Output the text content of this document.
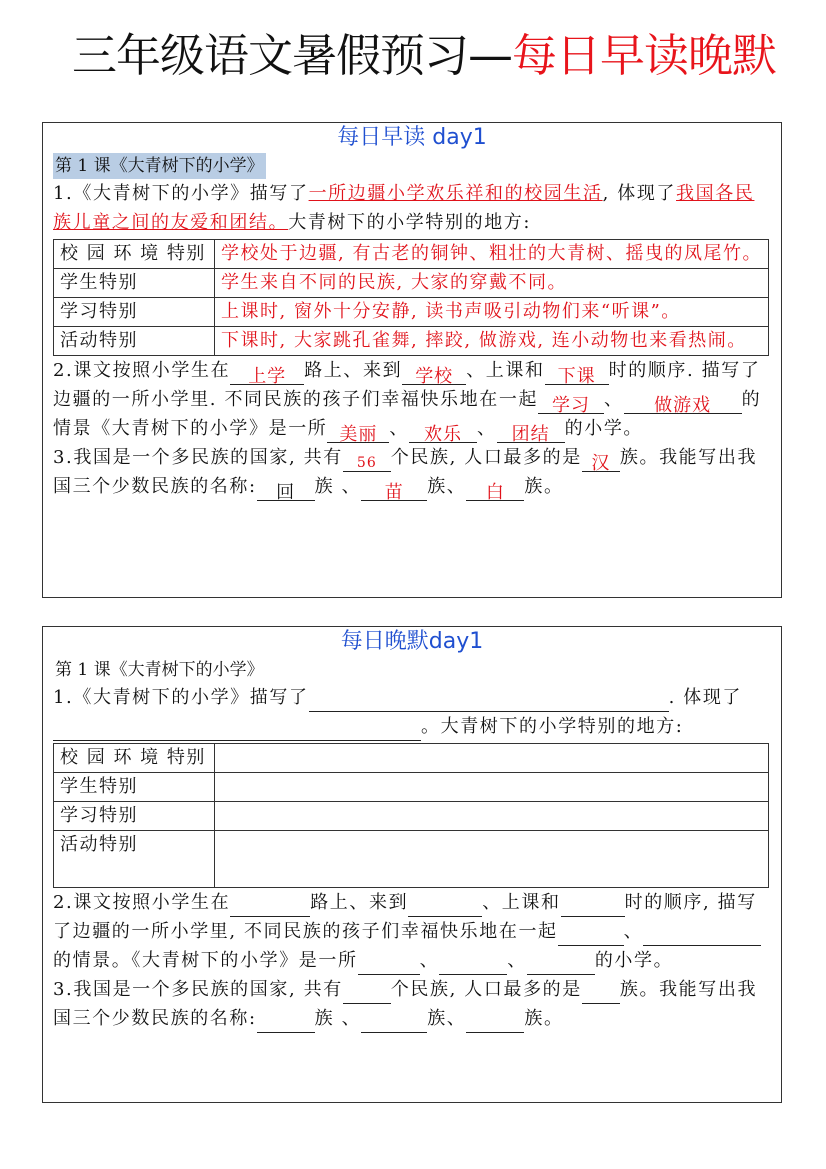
三年级语文暑假预习—每日早读晚默
每日早读 day1
第 1 课《大青树下的小学》
1.《大青树下的小学》描写了一所边疆小学欢乐祥和的校园生活, 体现了我国各民族儿童之间的友爱和团结。大青树下的小学特别的地方:
校 园 环 境 特别	学校处于边疆, 有古老的铜钟、粗壮的大青树、摇曳的凤尾竹。
学生特别	学生来自不同的民族, 大家的穿戴不同。
学习特别	上课时, 窗外十分安静, 读书声吸引动物们来“听课”。
活动特别	下课时, 大家跳孔雀舞, 摔跤, 做游戏, 连小动物也来看热闹。
2.课文按照小学生在 上学 路上、来到 学校 、上课和 下课 时的顺序. 描写了边疆的一所小学里. 不同民族的孩子们幸福快乐地在一起 学习 、 做游戏 的情景《大青树下的小学》是一所 美丽 、 欢乐 、 团结 的小学。
3.我国是一个多民族的国家, 共有 56 个民族, 人口最多的是 汉 族。我能写出我国三个少数民族的名称: 回 族 、 苗 族、 白 族。
每日晚默day1
第 1 课《大青树下的小学》
1.《大青树下的小学》描写了	. 体现了。大青树下的小学特别的地方:
校 园 环 境 特别	
学生特别	
学习特别	
活动特别	
2.课文按照小学生在	路上、来到	、上课和	时的顺序, 描写了边疆的一所小学里, 不同民族的孩子们幸福快乐地在一起	、的情景。《大青树下的小学》是一所	、	、	的小学。
3.我国是一个多民族的国家, 共有	个民族, 人口最多的是 族。我能写出我国三个少数民族的名称:	族 、	族、	族。
